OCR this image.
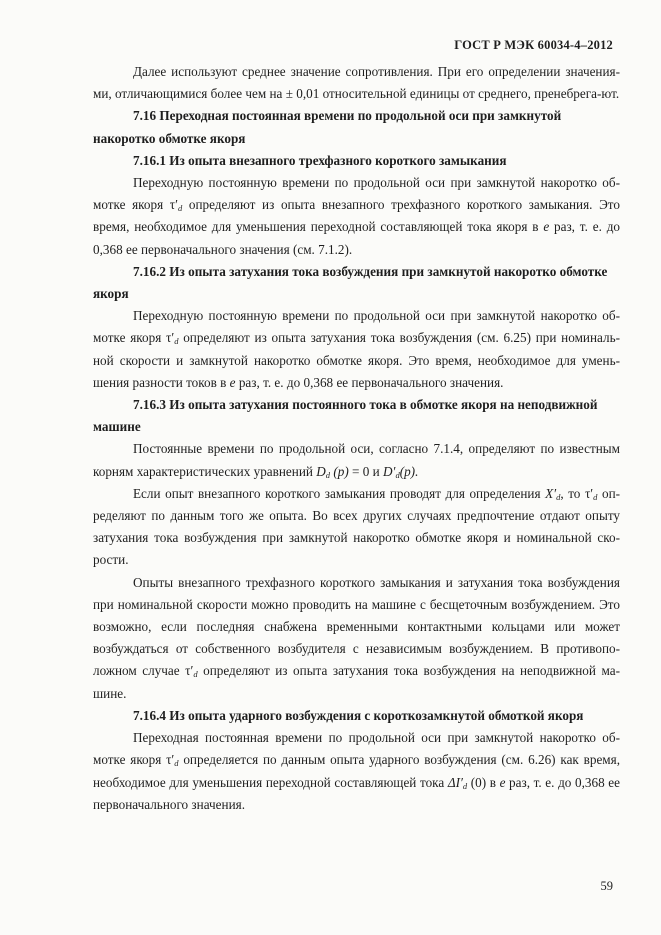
ГОСТ Р МЭК 60034-4–2012

Далее используют среднее значение сопротивления. При его определении значения-ми, отличающимися более чем на ± 0,01 относительной единицы от среднего, пренебрега-ют.

7.16 Переходная постоянная времени по продольной оси при замкнутой накоротко обмотке якоря

7.16.1 Из опыта внезапного трехфазного короткого замыкания

Переходную постоянную времени по продольной оси при замкнутой накоротко об-мотке якоря $\tau'_d$ определяют из опыта внезапного трехфазного короткого замыкания. Это время, необходимое для уменьшения переходной составляющей тока якоря в e раз, т. е. до 0,368 ее первоначального значения (см. 7.1.2).

7.16.2 Из опыта затухания тока возбуждения при замкнутой накоротко обмотке якоря

Переходную постоянную времени по продольной оси при замкнутой накоротко об-мотке якоря $\tau'_d$ определяют из опыта затухания тока возбуждения (см. 6.25) при номиналь-ной скорости и замкнутой накоротко обмотке якоря. Это время, необходимое для умень-шения разности токов в e раз, т. е. до 0,368 ее первоначального значения.

7.16.3 Из опыта затухания постоянного тока в обмотке якоря на неподвижной машине

Постоянные времени по продольной оси, согласно 7.1.4, определяют по известным корням характеристических уравнений $D_d$ (p) = 0 и $D'_d(p)$.

Если опыт внезапного короткого замыкания проводят для определения $X'_d$, то $\tau'_d$ оп-ределяют по данным того же опыта. Во всех других случаях предпочтение отдают опыту затухания тока возбуждения при замкнутой накоротко обмотке якоря и номинальной ско-рости.

Опыты внезапного трехфазного короткого замыкания и затухания тока возбуждения при номинальной скорости можно проводить на машине с бесщеточным возбуждением. Это возможно, если последняя снабжена временными контактными кольцами или может возбуждаться от собственного возбудителя с независимым возбуждением. В противопо-ложном случае $\tau'_d$ определяют из опыта затухания тока возбуждения на неподвижной ма-шине.

7.16.4 Из опыта ударного возбуждения с короткозамкнутой обмоткой якоря

Переходная постоянная времени по продольной оси при замкнутой накоротко об-мотке якоря $\tau'_d$ определяется по данным опыта ударного возбуждения (см. 6.26) как время, необходимое для уменьшения переходной составляющей тока $\Delta I'_d$ (0) в e раз, т. е. до 0,368 ее первоначального значения.

59
